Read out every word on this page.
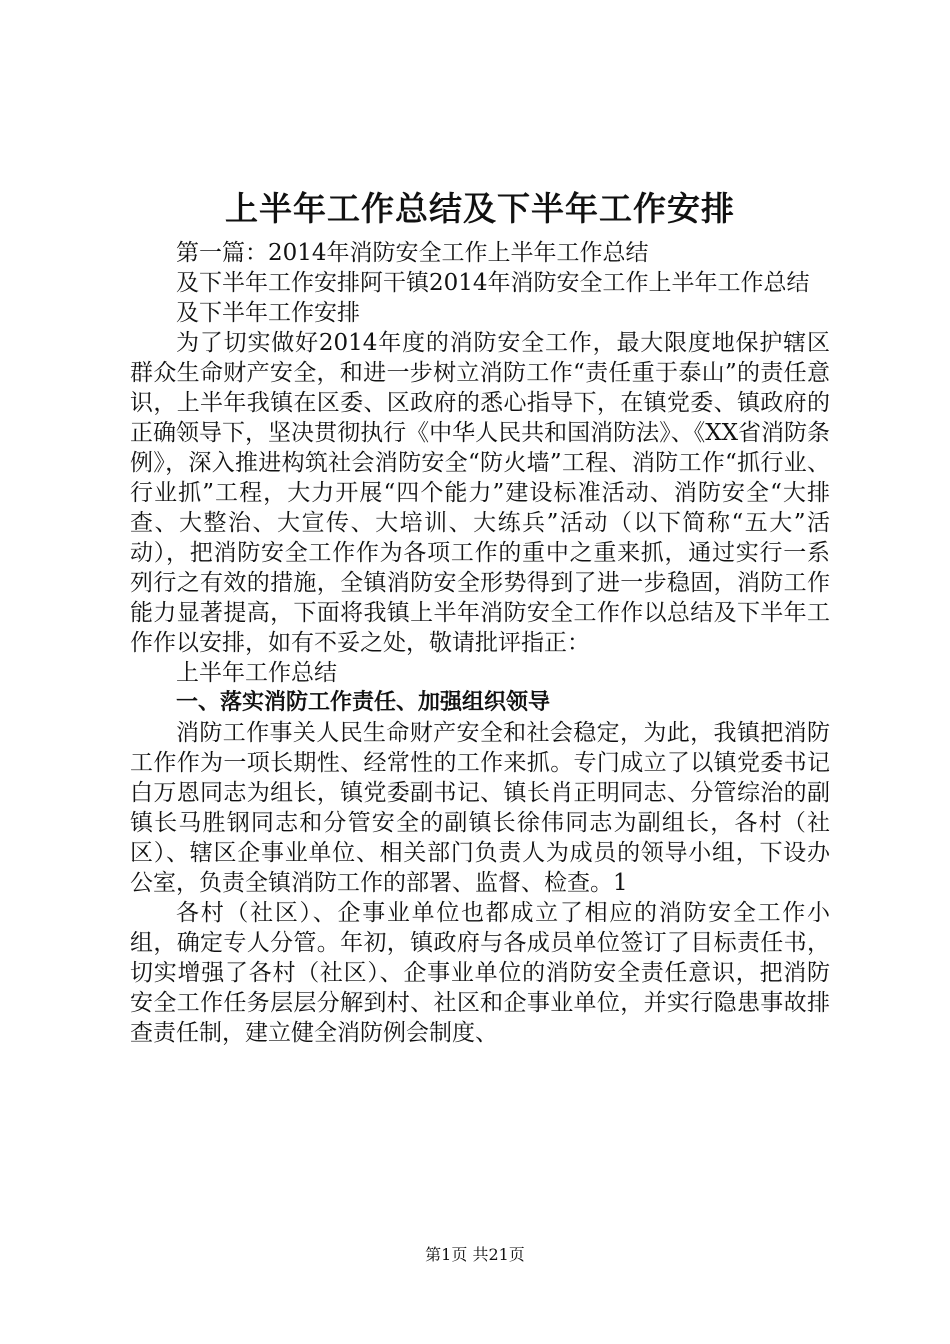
上半年工作总结及下半年工作安排

第一篇：2014年消防安全工作上半年工作总结

及下半年工作安排阿干镇2014年消防安全工作上半年工作总结

及下半年工作安排

为了切实做好2014年度的消防安全工作，最大限度地保护辖区群众生命财产安全，和进一步树立消防工作“责任重于泰山”的责任意识，上半年我镇在区委、区政府的悉心指导下，在镇党委、镇政府的正确领导下，坚决贯彻执行《中华人民共和国消防法》、《XX省消防条例》，深入推进构筑社会消防安全“防火墙”工程、消防工作“抓行业、行业抓”工程，大力开展“四个能力”建设标准活动、消防安全“大排查、大整治、大宣传、大培训、大练兵”活动（以下简称“五大”活动），把消防安全工作作为各项工作的重中之重来抓，通过实行一系列行之有效的措施，全镇消防安全形势得到了进一步稳固，消防工作能力显著提高，下面将我镇上半年消防安全工作作以总结及下半年工作作以安排，如有不妥之处，敬请批评指正：

上半年工作总结

一、落实消防工作责任、加强组织领导

消防工作事关人民生命财产安全和社会稳定，为此，我镇把消防工作作为一项长期性、经常性的工作来抓。专门成立了以镇党委书记白万恩同志为组长，镇党委副书记、镇长肖正明同志、分管综治的副镇长马胜钢同志和分管安全的副镇长徐伟同志为副组长，各村（社区）、辖区企事业单位、相关部门负责人为成员的领导小组，下设办公室，负责全镇消防工作的部署、监督、检查。1

各村（社区）、企事业单位也都成立了相应的消防安全工作小组，确定专人分管。年初，镇政府与各成员单位签订了目标责任书，切实增强了各村（社区）、企事业单位的消防安全责任意识，把消防安全工作任务层层分解到村、社区和企事业单位，并实行隐患事故排查责任制，建立健全消防例会制度、

第1页 共21页
